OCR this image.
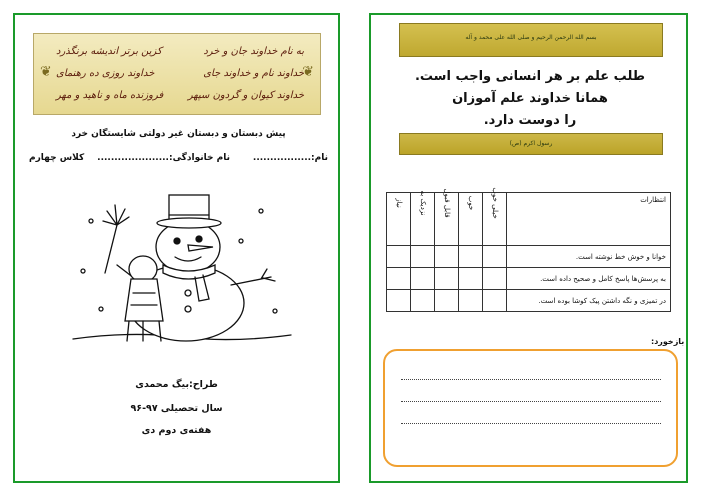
❦	❦
به نام خداوند جان و خرد
کزین برتر اندیشه برنگذرد
خداوند نام و خداوند جای
خداوند روزی ده رهنمای
خداوند کیوان و گردون سپهر
فروزنده ماه و ناهید و مهر
پیش دبستان و دبستان غیر دولتی شایستگان خرد
نام:.................
نام خانوادگی:.....................
کلاس چهارم
طراح:بیگ محمدی
سال تحصیلی ۹۷-۹۶
هفته‌ی دوم دی
بسم الله الرحمن الرحیم و صلی الله علی محمد و آله
طلب علم بر هر انسانی واجب است.
همانا خداوند علم آموزان
را دوست دارد.
رسول اکرم (ص)
نیاز	نزدیک به	قابل قبول	خوب	خیلی خوب	انتظارات
					خوانا و خوش خط نوشته است.
					به پرسش‌ها پاسخ کامل و صحیح داده است.
					در تمیزی و نگه داشتن پیک کوشا بوده است.
بازخورد:
